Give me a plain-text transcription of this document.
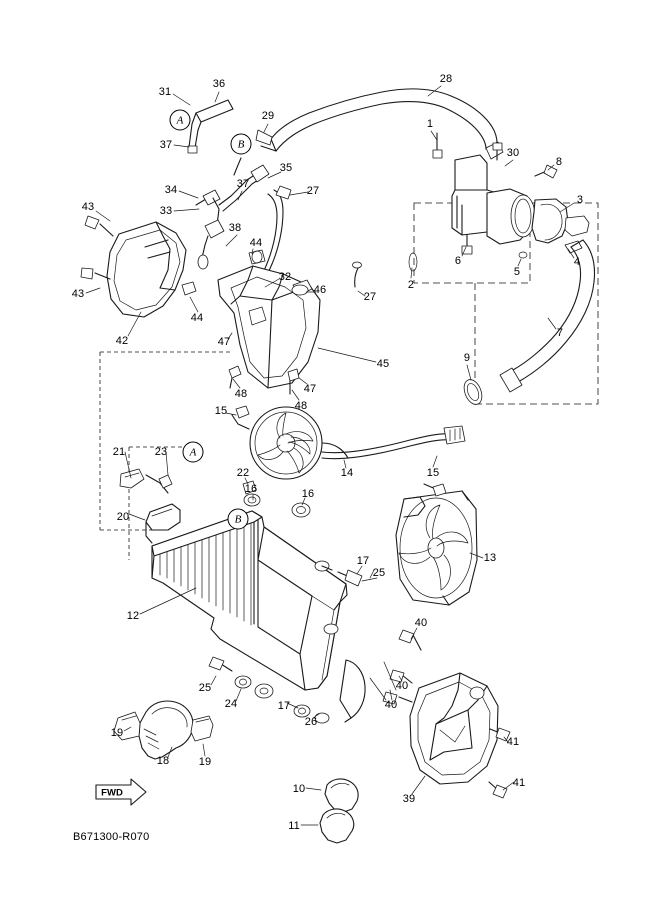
31
36	28
29
1
30
8
37
35
34	27
33
37
3
43
38
6
5
4
44
43
32
46	2
27
7
44
42	47
45	9
47
48
48
15
21	23
22	14	15
16	16
20
13
17
25
12
40
40
25
24	17	40
19
26
41
18	19
41
39
10
11
A
B
A
B
FWD
B671300-R070
